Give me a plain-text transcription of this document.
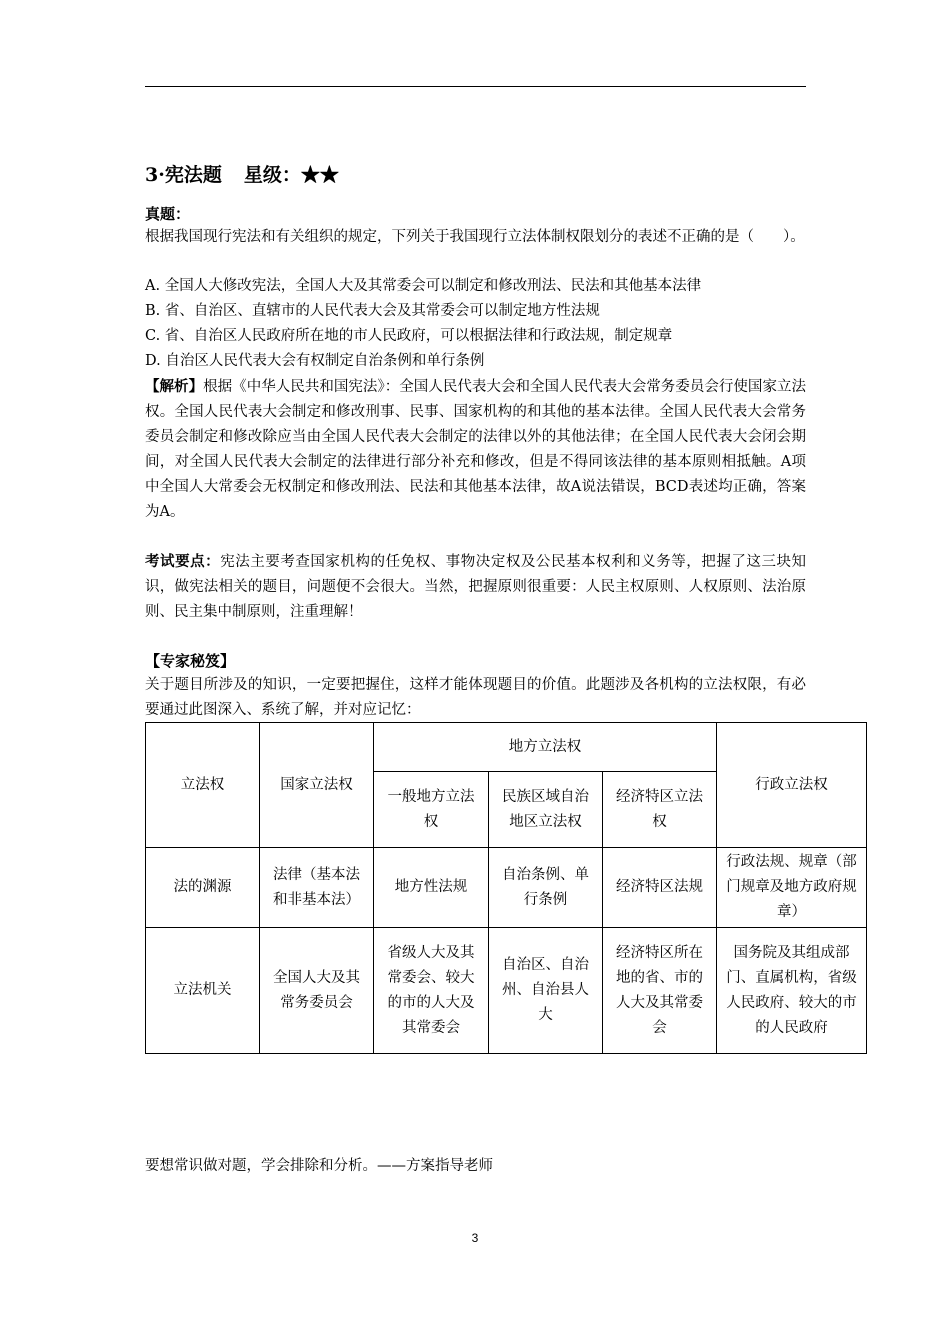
3·宪法题 星级：★★
真题：
根据我国现行宪法和有关组织的规定，下列关于我国现行立法体制权限划分的表述不正确的是（　　）。
A. 全国人大修改宪法，全国人大及其常委会可以制定和修改刑法、民法和其他基本法律
B. 省、自治区、直辖市的人民代表大会及其常委会可以制定地方性法规
C. 省、自治区人民政府所在地的市人民政府，可以根据法律和行政法规，制定规章
D. 自治区人民代表大会有权制定自治条例和单行条例
【解析】根据《中华人民共和国宪法》：全国人民代表大会和全国人民代表大会常务委员会行使国家立法权。全国人民代表大会制定和修改刑事、民事、国家机构的和其他的基本法律。全国人民代表大会常务委员会制定和修改除应当由全国人民代表大会制定的法律以外的其他法律；在全国人民代表大会闭会期间，对全国人民代表大会制定的法律进行部分补充和修改，但是不得同该法律的基本原则相抵触。A项中全国人大常委会无权制定和修改刑法、民法和其他基本法律，故A说法错误，BCD表述均正确，答案为A。
考试要点：宪法主要考查国家机构的任免权、事物决定权及公民基本权利和义务等，把握了这三块知识，做宪法相关的题目，问题便不会很大。当然，把握原则很重要：人民主权原则、人权原则、法治原则、民主集中制原则，注重理解！
【专家秘笈】
关于题目所涉及的知识，一定要把握住，这样才能体现题目的价值。此题涉及各机构的立法权限，有必要通过此图深入、系统了解，并对应记忆：
立法权	国家立法权	地方立法权			行政立法权
		一般地方立法权	民族区域自治地区立法权	经济特区立法权	
法的渊源	法律（基本法和非基本法）	地方性法规	自治条例、单行条例	经济特区法规	行政法规、规章（部门规章及地方政府规章）
立法机关	全国人大及其常务委员会	省级人大及其常委会、较大的市的人大及其常委会	自治区、自治州、自治县人大	经济特区所在地的省、市的人大及其常委会	国务院及其组成部门、直属机构，省级人民政府、较大的市的人民政府
要想常识做对题，学会排除和分析。——方案指导老师
3
